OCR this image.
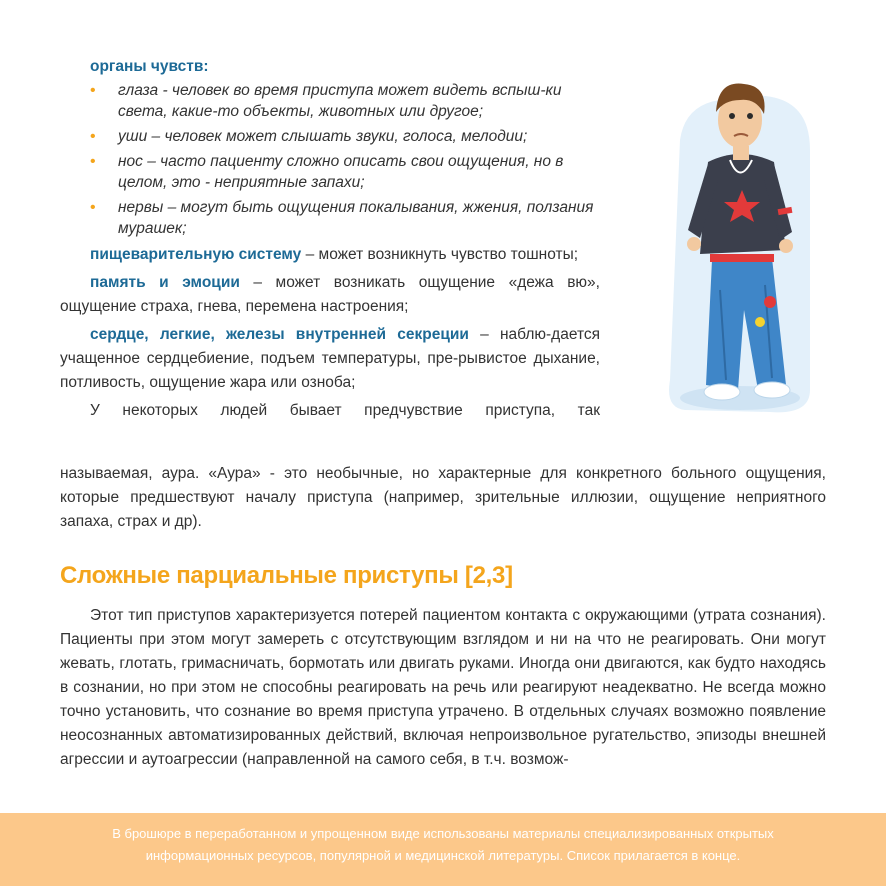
органы чувств:
• глаза - человек во время приступа может видеть вспыш-ки света, какие-то объекты, животных или другое;
• уши – человек может слышать звуки, голоса, мелодии;
• нос – часто пациенту сложно описать свои ощущения, но в целом, это - неприятные запахи;
• нервы – могут быть ощущения покалывания, жжения, ползания мурашек;

пищеварительную систему – может возникнуть чувство тошноты;

память и эмоции – может возникать ощущение «дежа вю», ощущение страха, гнева, перемена настроения;

сердце, легкие, железы внутренней секреции – наблю-дается учащенное сердцебиение, подъем температуры, пре-рывистое дыхание, потливость, ощущение жара или озноба;

У некоторых людей бывает предчувствие приступа, так

называемая, аура. «Аура» - это необычные, но характерные для конкретного больного ощущения, которые предшествуют началу приступа (например, зрительные иллюзии, ощущение неприятного запаха, страх и др).
Сложные парциальные приступы [2,3]
Этот тип приступов характеризуется потерей пациентом контакта с окружающими (утрата сознания). Пациенты при этом могут замереть с отсутствующим взглядом и ни на что не реагировать. Они могут жевать, глотать, гримасничать, бормотать или двигать руками. Иногда они двигаются, как будто находясь в сознании, но при этом не способны реагировать на речь или реагируют неадекватно. Не всегда можно точно установить, что сознание во время приступа утрачено. В отдельных случаях возможно появление неосознанных автоматизированных действий, включая непроизвольное ругательство, эпизоды внешней агрессии и аутоагрессии (направленной на самого себя, в т.ч. возмож-
В брошюре в переработанном и упрощенном виде использованы материалы специализированных открытых
информационных ресурсов, популярной и медицинской литературы. Список прилагается в конце.
